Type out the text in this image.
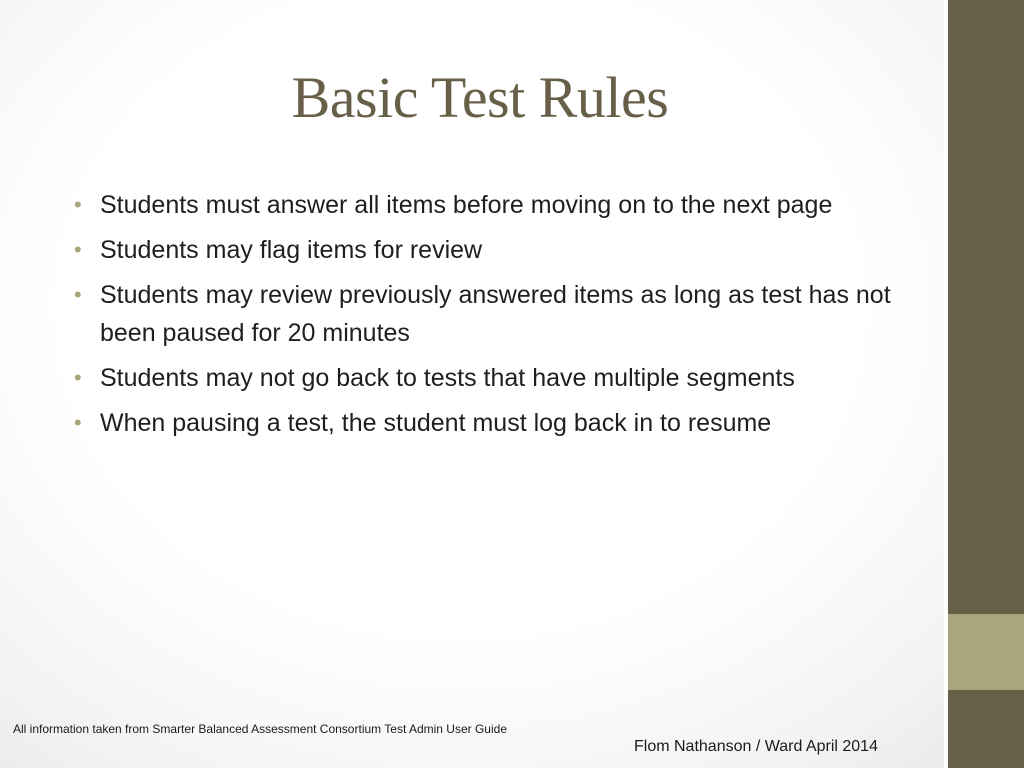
Basic Test Rules
• Students must answer all items before moving on to the next page
• Students may flag items for review
• Students may review previously answered items as long as test has not been paused for 20 minutes
• Students may not go back to tests that have multiple segments
• When pausing a test, the student must log back in to resume
All information taken from Smarter Balanced Assessment Consortium Test Admin User Guide
Flom Nathanson / Ward April 2014
